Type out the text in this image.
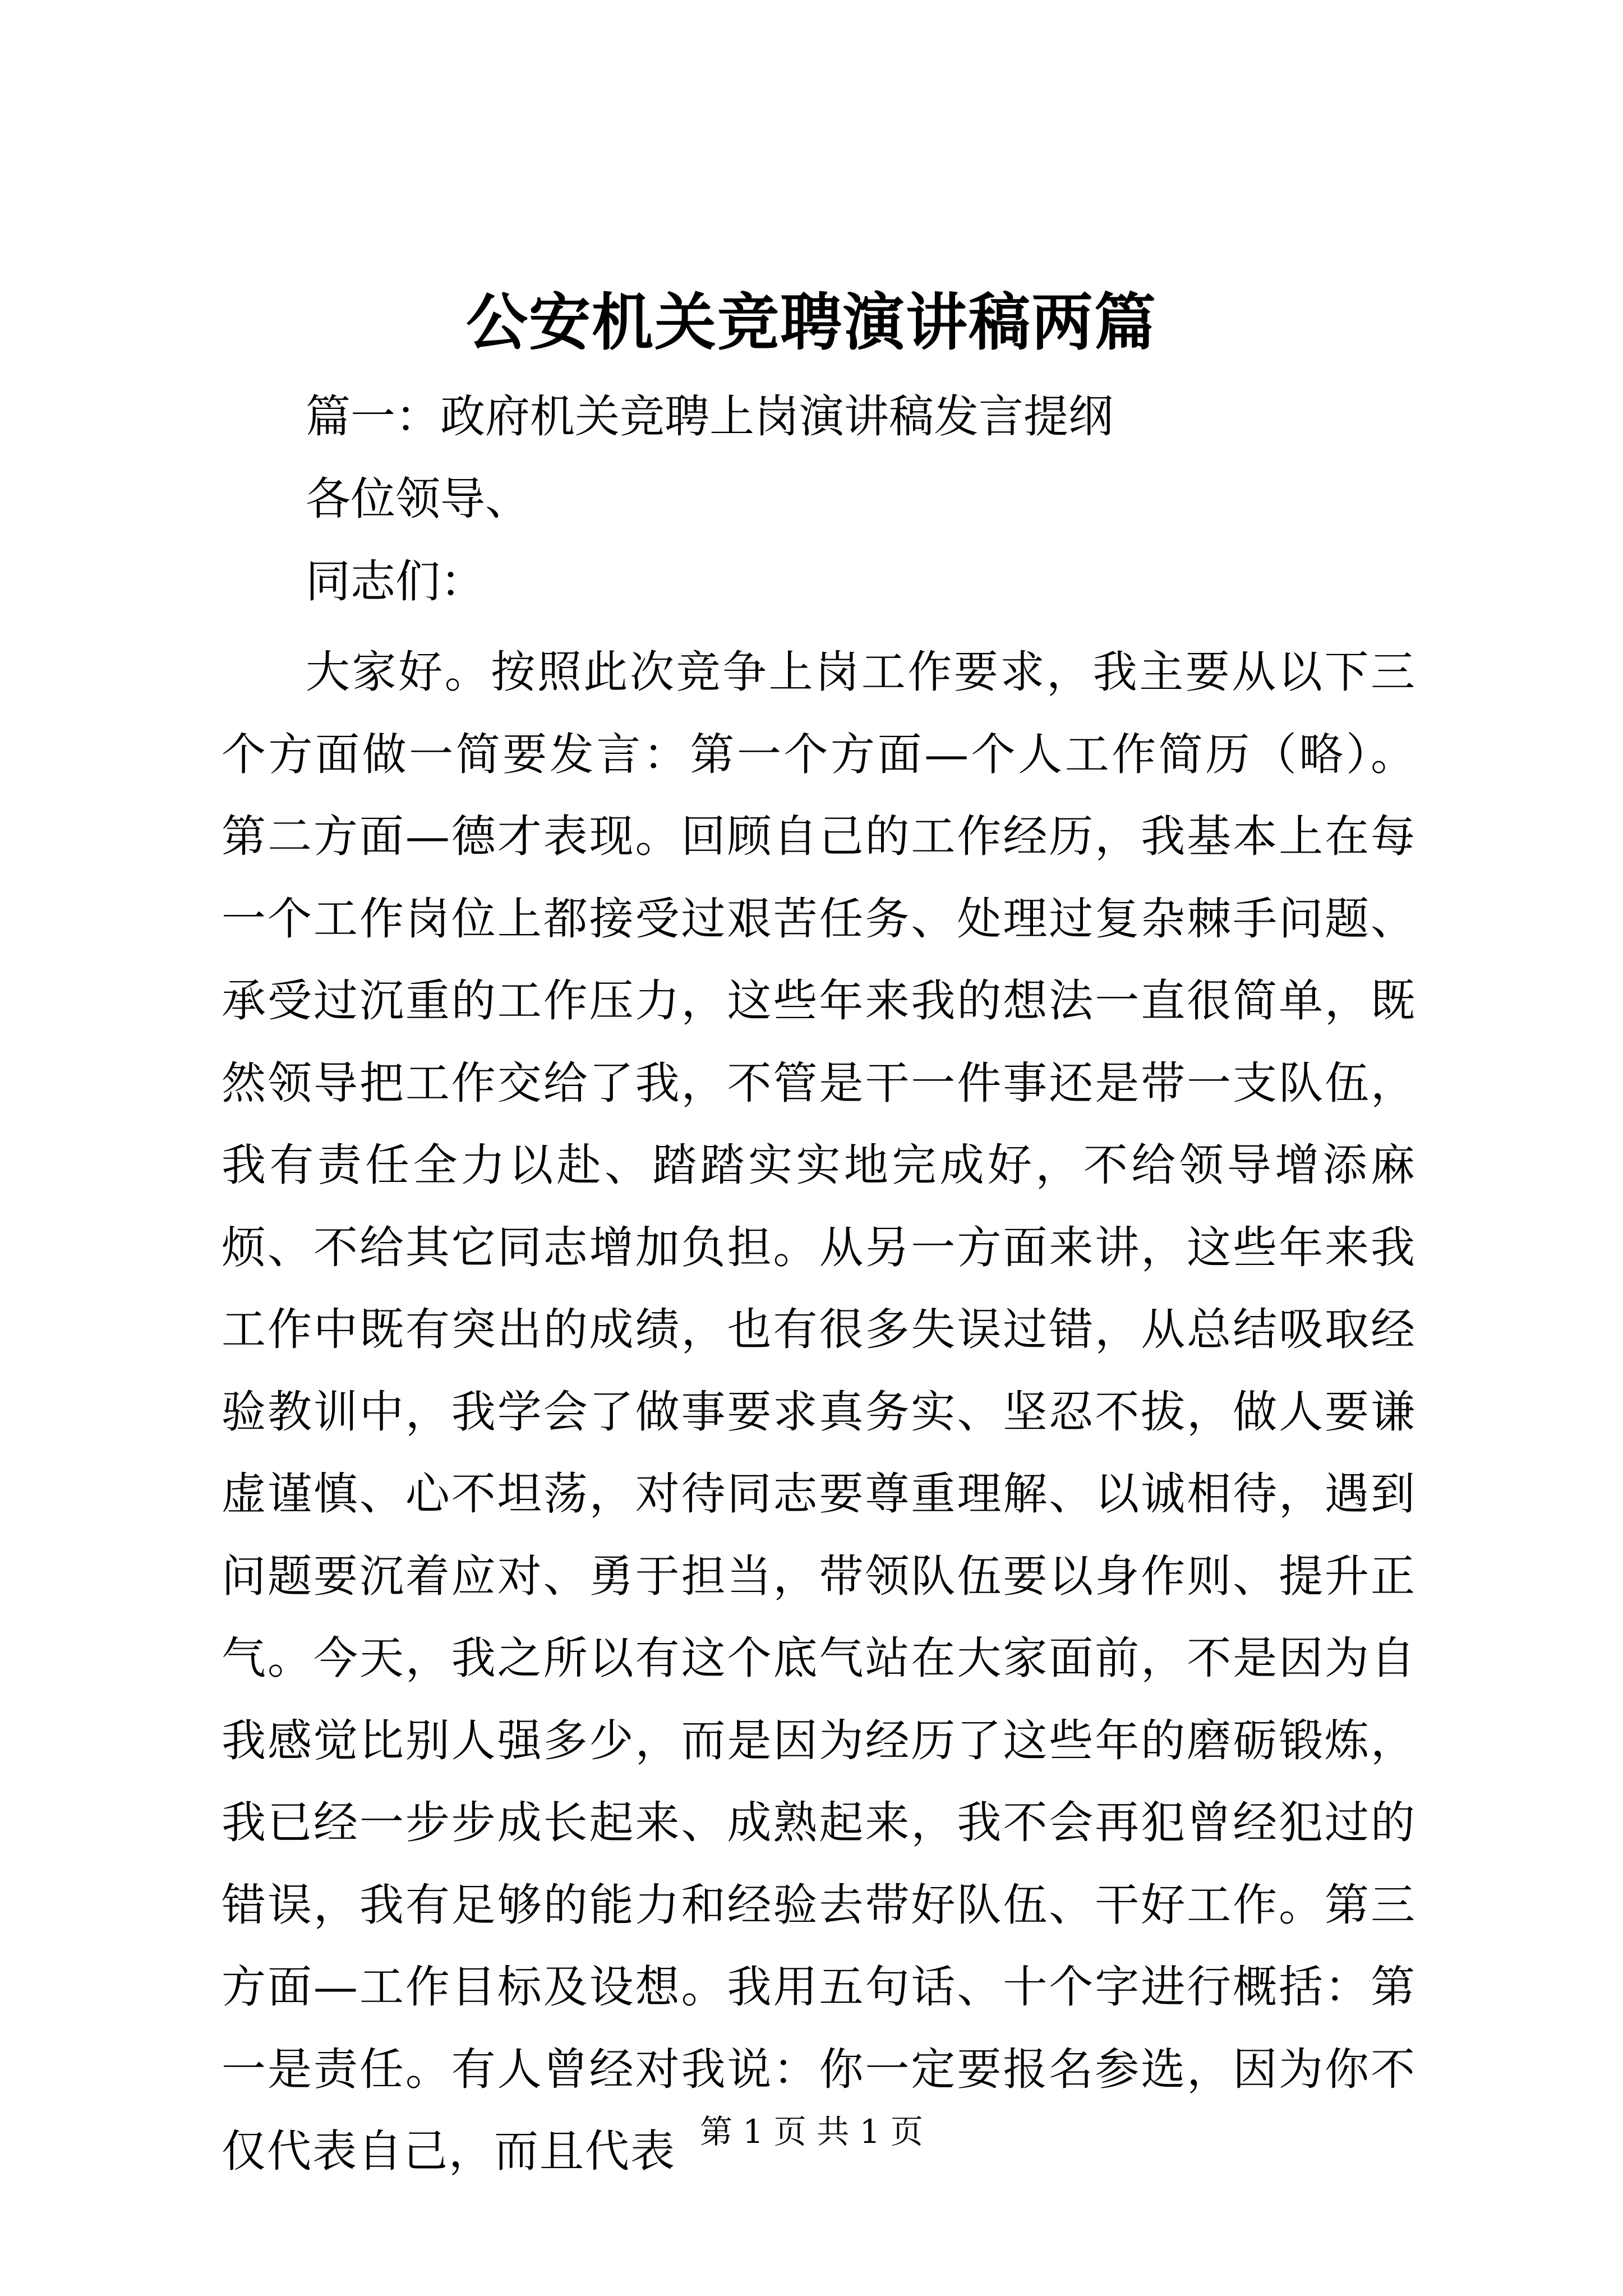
公安机关竞聘演讲稿两篇
篇一：政府机关竞聘上岗演讲稿发言提纲
各位领导、
同志们：

大家好。按照此次竞争上岗工作要求，我主要从以下三个方面做一简要发言：第一个方面—个人工作简历（略）。第二方面—德才表现。回顾自己的工作经历，我基本上在每一个工作岗位上都接受过艰苦任务、处理过复杂棘手问题、承受过沉重的工作压力，这些年来我的想法一直很简单，既然领导把工作交给了我，不管是干一件事还是带一支队伍，我有责任全力以赴、踏踏实实地完成好，不给领导增添麻烦、不给其它同志增加负担。从另一方面来讲，这些年来我工作中既有突出的成绩，也有很多失误过错，从总结吸取经验教训中，我学会了做事要求真务实、坚忍不拔，做人要谦虚谨慎、心不坦荡，对待同志要尊重理解、以诚相待，遇到问题要沉着应对、勇于担当，带领队伍要以身作则、提升正气。今天，我之所以有这个底气站在大家面前，不是因为自我感觉比别人强多少，而是因为经历了这些年的磨砺锻炼，我已经一步步成长起来、成熟起来，我不会再犯曾经犯过的错误，我有足够的能力和经验去带好队伍、干好工作。第三方面—工作目标及设想。我用五句话、十个字进行概括：第一是责任。有人曾经对我说：你一定要报名参选，因为你不仅代表自己，而且代表 第 1 页 共 1 页
